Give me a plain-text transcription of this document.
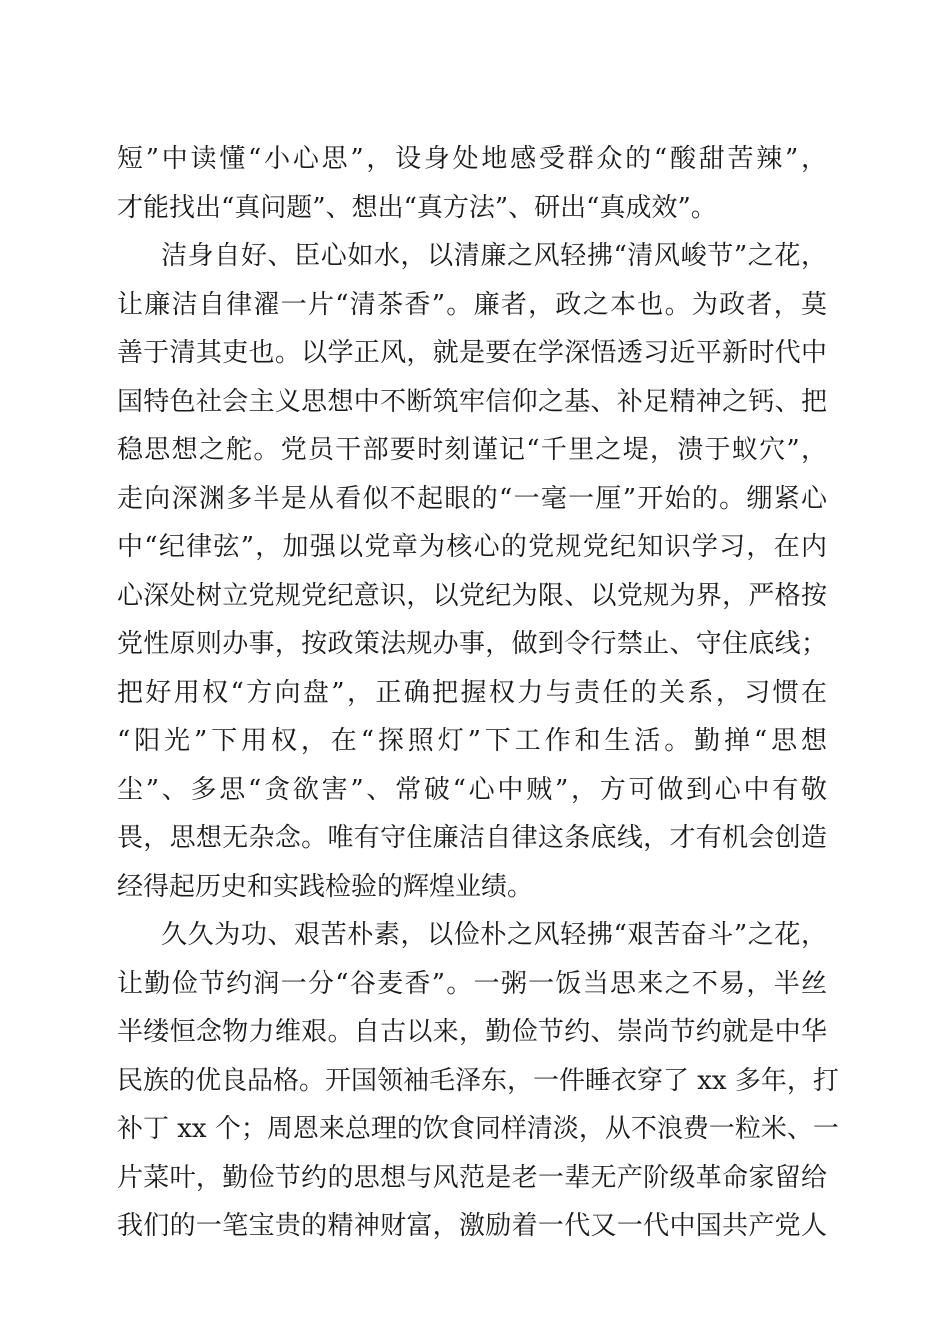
短”中读懂“小心思”，设身处地感受群众的“酸甜苦辣”，
才能找出“真问题”、想出“真方法”、研出“真成效”。
洁身自好、臣心如水，以清廉之风轻拂“清风峻节”之花，
让廉洁自律濯一片“清茶香”。廉者，政之本也。为政者，莫
善于清其吏也。以学正风，就是要在学深悟透习近平新时代中
国特色社会主义思想中不断筑牢信仰之基、补足精神之钙、把
稳思想之舵。党员干部要时刻谨记“千里之堤，溃于蚁穴”，
走向深渊多半是从看似不起眼的“一毫一厘”开始的。绷紧心
中“纪律弦”，加强以党章为核心的党规党纪知识学习，在内
心深处树立党规党纪意识，以党纪为限、以党规为界，严格按
党性原则办事，按政策法规办事，做到令行禁止、守住底线；
把好用权“方向盘”，正确把握权力与责任的关系，习惯在
“阳光”下用权，在“探照灯”下工作和生活。勤掸“思想
尘”、多思“贪欲害”、常破“心中贼”，方可做到心中有敬
畏，思想无杂念。唯有守住廉洁自律这条底线，才有机会创造
经得起历史和实践检验的辉煌业绩。
久久为功、艰苦朴素，以俭朴之风轻拂“艰苦奋斗”之花，
让勤俭节约润一分“谷麦香”。一粥一饭当思来之不易，半丝
半缕恒念物力维艰。自古以来，勤俭节约、崇尚节约就是中华
民族的优良品格。开国领袖毛泽东，一件睡衣穿了 xx 多年，打
补丁 xx 个；周恩来总理的饮食同样清淡，从不浪费一粒米、一
片菜叶，勤俭节约的思想与风范是老一辈无产阶级革命家留给
我们的一笔宝贵的精神财富，激励着一代又一代中国共产党人
